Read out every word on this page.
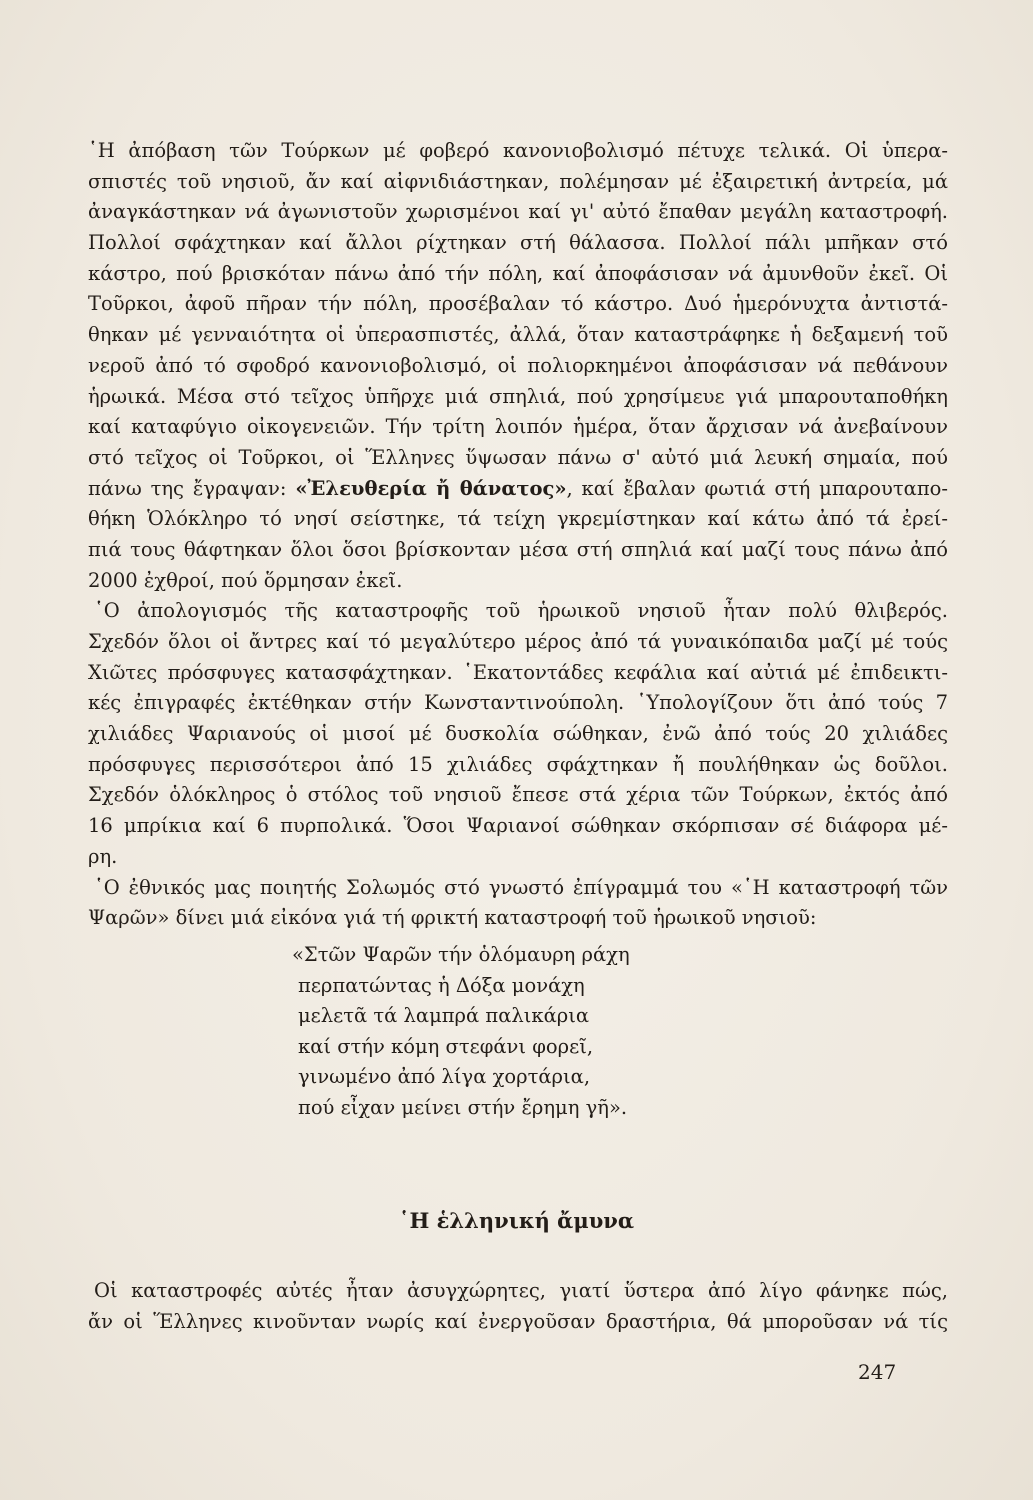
῾Η ἀπόβαση τῶν Τούρκων μέ φοβερό κανονιοβολισμό πέτυχε τελικά. Οἱ ὑπερα-
σπιστές τοῦ νησιοῦ, ἄν καί αἰφνιδιάστηκαν, πολέμησαν μέ ἐξαιρετική ἀντρεία, μά
ἀναγκάστηκαν νά ἀγωνιστοῦν χωρισμένοι καί γι' αὐτό ἔπαθαν μεγάλη καταστροφή.
Πολλοί σφάχτηκαν καί ἄλλοι ρίχτηκαν στή θάλασσα. Πολλοί πάλι μπῆκαν στό
κάστρο, πού βρισκόταν πάνω ἀπό τήν πόλη, καί ἀποφάσισαν νά ἀμυνθοῦν ἐκεῖ. Οἱ
Τοῦρκοι, ἀφοῦ πῆραν τήν πόλη, προσέβαλαν τό κάστρο. Δυό ἡμερόνυχτα ἀντιστά-
θηκαν μέ γενναιότητα οἱ ὑπερασπιστές, ἀλλά, ὅταν καταστράφηκε ἡ δεξαμενή τοῦ
νεροῦ ἀπό τό σφοδρό κανονιοβολισμό, οἱ πολιορκημένοι ἀποφάσισαν νά πεθάνουν
ἡρωικά. Μέσα στό τεῖχος ὑπῆρχε μιά σπηλιά, πού χρησίμευε γιά μπαρουταποθήκη
καί καταφύγιο οἰκογενειῶν. Τήν τρίτη λοιπόν ἡμέρα, ὅταν ἄρχισαν νά ἀνεβαίνουν
στό τεῖχος οἱ Τοῦρκοι, οἱ Ἕλληνες ὕψωσαν πάνω σ' αὐτό μιά λευκή σημαία, πού
πάνω της ἔγραψαν: «Ἐλευθερία ἤ θάνατος», καί ἔβαλαν φωτιά στή μπαρουταπο-
θήκη Ὁλόκληρο τό νησί σείστηκε, τά τείχη γκρεμίστηκαν καί κάτω ἀπό τά ἐρεί-
πιά τους θάφτηκαν ὅλοι ὅσοι βρίσκονταν μέσα στή σπηλιά καί μαζί τους πάνω ἀπό
2000 ἐχθροί, πού ὅρμησαν ἐκεῖ.
῾Ο ἀπολογισμός τῆς καταστροφῆς τοῦ ἡρωικοῦ νησιοῦ ἦταν πολύ θλιβερός.
Σχεδόν ὅλοι οἱ ἄντρες καί τό μεγαλύτερο μέρος ἀπό τά γυναικόπαιδα μαζί μέ τούς
Χιῶτες πρόσφυγες κατασφάχτηκαν. ῾Εκατοντάδες κεφάλια καί αὐτιά μέ ἐπιδεικτι-
κές ἐπιγραφές ἐκτέθηκαν στήν Κωνσταντινούπολη. ῾Υπολογίζουν ὅτι ἀπό τούς 7
χιλιάδες Ψαριανούς οἱ μισοί μέ δυσκολία σώθηκαν, ἐνῶ ἀπό τούς 20 χιλιάδες
πρόσφυγες περισσότεροι ἀπό 15 χιλιάδες σφάχτηκαν ἤ πουλήθηκαν ὡς δοῦλοι.
Σχεδόν ὁλόκληρος ὁ στόλος τοῦ νησιοῦ ἔπεσε στά χέρια τῶν Τούρκων, ἐκτός ἀπό
16 μπρίκια καί 6 πυρπολικά. Ὅσοι Ψαριανοί σώθηκαν σκόρπισαν σέ διάφορα μέ-
ρη.
῾Ο ἐθνικός μας ποιητής Σολωμός στό γνωστό ἐπίγραμμά του «῾Η καταστροφή τῶν
Ψαρῶν» δίνει μιά εἰκόνα γιά τή φρικτή καταστροφή τοῦ ἡρωικοῦ νησιοῦ:
«Στῶν Ψαρῶν τήν ὁλόμαυρη ράχη
περπατώντας ἡ Δόξα μονάχη
μελετᾶ τά λαμπρά παλικάρια
καί στήν κόμη στεφάνι φορεῖ,
γινωμένο ἀπό λίγα χορτάρια,
πού εἶχαν μείνει στήν ἔρημη γῆ».
῾Η ἑλληνική ἄμυνα
Οἱ καταστροφές αὐτές ἦταν ἀσυγχώρητες, γιατί ὕστερα ἀπό λίγο φάνηκε πώς,
ἄν οἱ Ἕλληνες κινοῦνταν νωρίς καί ἐνεργοῦσαν δραστήρια, θά μποροῦσαν νά τίς
247
